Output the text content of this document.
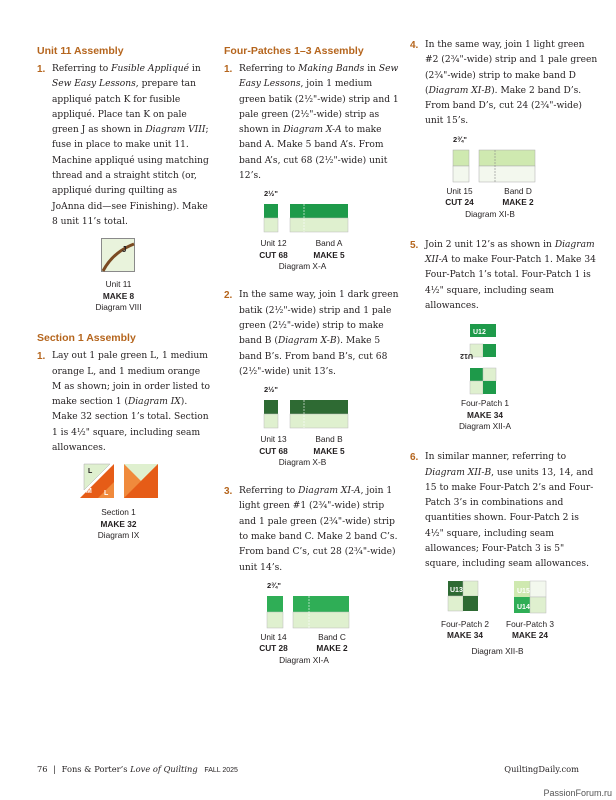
Unit 11 Assembly

1. Referring to Fusible Appliqué in Sew Easy Lessons, prepare tan appliqué patch K for fusible appliqué. Place tan K on pale green J as shown in Diagram VIII; fuse in place to make unit 11. Machine appliqué using matching thread and a straight stitch (or, appliqué during quilting as JoAnna did—see Finishing). Make 8 unit 11’s total.

J
Unit 11
MAKE 8
Diagram VIII
Section 1 Assembly

1. Lay out 1 pale green L, 1 medium orange L, and 1 medium orange M as shown; join in order listed to make section 1 (Diagram IX). Make 32 section 1’s total. Section 1 is 4½" square, including seam allowances.

L
L
M
Section 1
MAKE 32
Diagram IX
Four-Patches 1–3 Assembly

1. Referring to Making Bands in Sew Easy Lessons, join 1 medium green batik (2½"-wide) strip and 1 pale green (2½"-wide) strip as shown in Diagram X-A to make band A. Make 5 band A’s. From band A’s, cut 68 (2½"-wide) unit 12’s.

2½"
Unit 12
CUT 68
Band A
MAKE 5
Diagram X-A

2. In the same way, join 1 dark green batik (2½"-wide) strip and 1 pale green (2½"-wide) strip to make band B (Diagram X-B). Make 5 band B’s. From band B’s, cut 68 (2½"-wide) unit 13’s.

2½"
Unit 13
CUT 68
Band B
MAKE 5
Diagram X-B

3. Referring to Diagram XI-A, join 1 light green #1 (2¾"-wide) strip and 1 pale green (2¾"-wide) strip to make band C. Make 2 band C’s. From band C’s, cut 28 (2¾"-wide) unit 14’s.

2¾"
Unit 14
CUT 28
Band C
MAKE 2
Diagram XI-A

4. In the same way, join 1 light green #2 (2¾"-wide) strip and 1 pale green (2¾"-wide) strip to make band D (Diagram XI-B). Make 2 band D’s. From band D’s, cut 24 (2¾"-wide) unit 15’s.

2¾"
Unit 15
CUT 24
Band D
MAKE 2
Diagram XI-B

5. Join 2 unit 12’s as shown in Diagram XII-A to make Four-Patch 1. Make 34 Four-Patch 1’s total. Four-Patch 1 is 4½" square, including seam allowances.

U12
U12
Four-Patch 1
MAKE 34
Diagram XII-A

6. In similar manner, referring to Diagram XII-B, use units 13, 14, and 15 to make Four-Patch 2’s and Four-Patch 3’s in combinations and quantities shown. Four-Patch 2 is 4½" square, including seam allowances; Four-Patch 3 is 5" square, including seam allowances.

U13	U15
U14
Four-Patch 2
MAKE 34
Four-Patch 3
MAKE 24
Diagram XII-B
76 | Fons & Porter’s Love of Quilting FALL 2025	QuiltingDaily.com
PassionForum.ru
